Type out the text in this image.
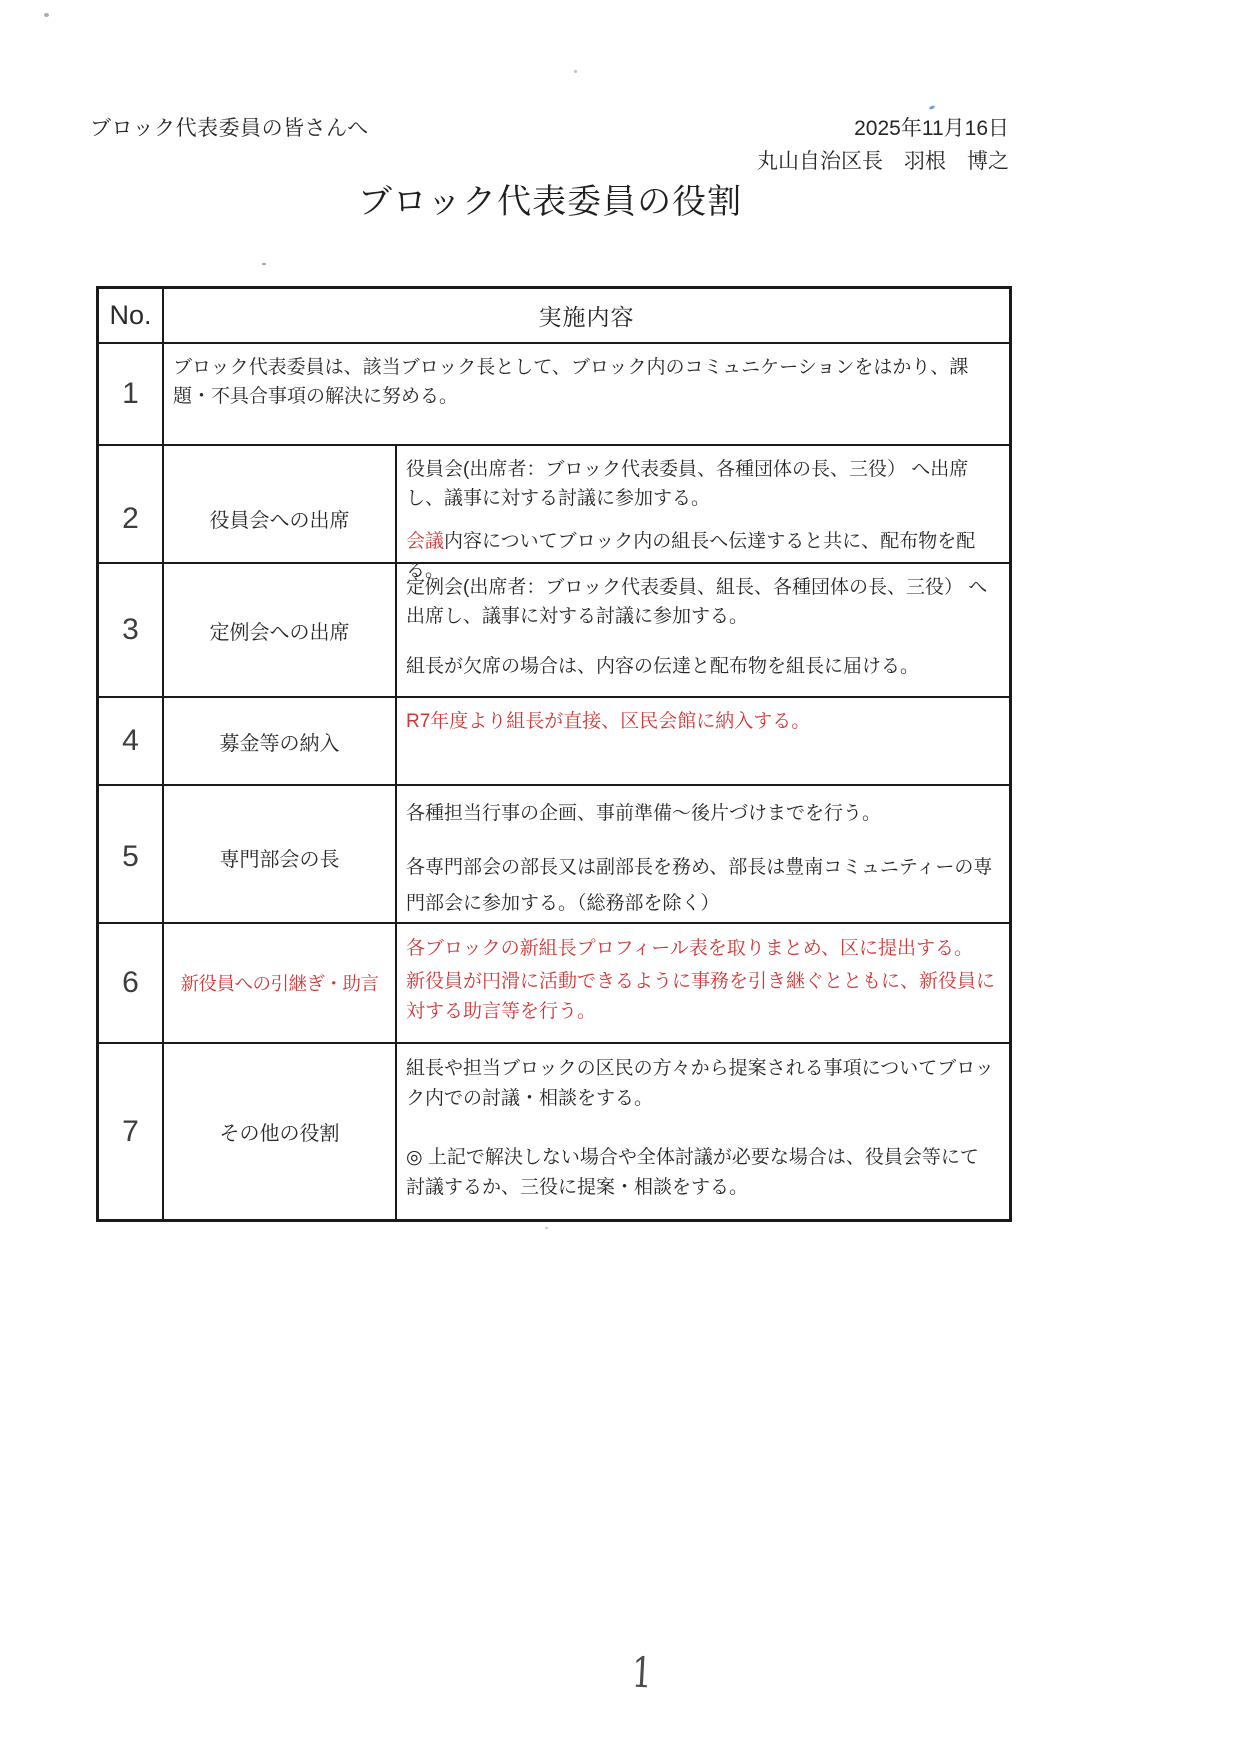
ブロック代表委員の皆さんへ	2025年11月16日
丸山自治区長　羽根　博之
ブロック代表委員の役割
No.	実施内容
1

ブロック代表委員は、該当ブロック長として、ブロック内のコミュニケーションをはかり、課題・不具合事項の解決に努める。

2	役員会への出席

役員会(出席者：ブロック代表委員、各種団体の長、三役） へ出席し、議事に対する討議に参加する。

会議内容についてブロック内の組長へ伝達すると共に、配布物を配る。

3	定例会への出席

定例会(出席者：ブロック代表委員、組長、各種団体の長、三役） へ出席し、議事に対する討議に参加する。

組長が欠席の場合は、内容の伝達と配布物を組長に届ける。

4	募金等の納入

R7年度より組長が直接、区民会館に納入する。

5	専門部会の長

各種担当行事の企画、事前準備～後片づけまでを行う。

各専門部会の部長又は副部長を務め、部長は豊南コミュニティーの専門部会に参加する。（総務部を除く）

6	新役員への引継ぎ・助言

各ブロックの新組長プロフィール表を取りまとめ、区に提出する。

新役員が円滑に活動できるように事務を引き継ぐとともに、新役員に対する助言等を行う。

7	その他の役割

組長や担当ブロックの区民の方々から提案される事項についてブロック内での討議・相談をする。

◎ 上記で解決しない場合や全体討議が必要な場合は、役員会等にて討議するか、三役に提案・相談をする。

1
